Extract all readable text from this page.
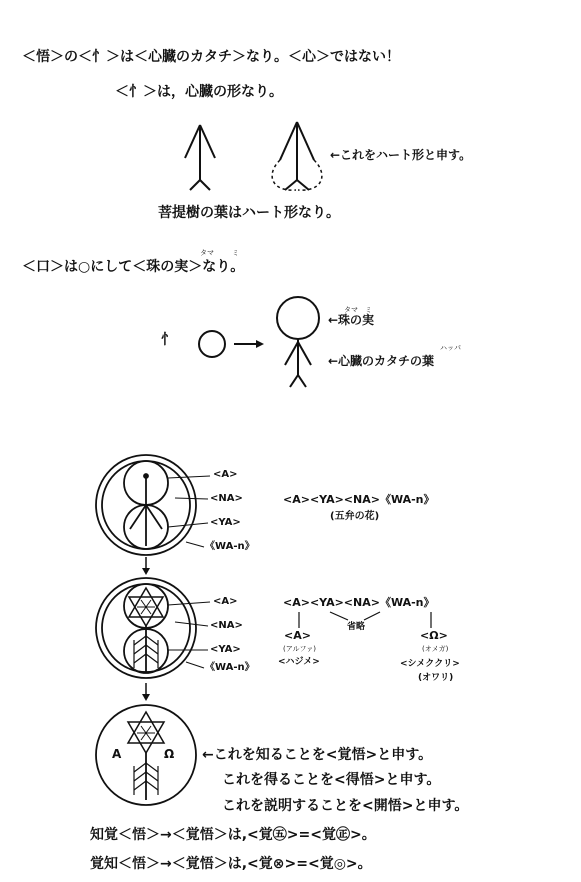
＜悟＞の＜忄＞は＜心臓のカタチ＞なり。＜心＞ではない！
＜忄＞は，心臓の形なり。
←これをハート形と申す。
菩提樹の葉はハート形なり。
タマ	ミ
＜口＞は○にして＜珠の実＞なり。
忄
タマ ミ
←珠の実
ハッパ
←心臓のカタチの葉
<A>
<NA>
<YA>
《WA-n》
<A><YA><NA>《WA-n》
(五弁の花)
<A>
<NA>
<YA>
《WA-n》
<A><YA><NA>《WA-n》
省略
<A>
(アルファ)
<ハジメ>
<Ω>
(オメガ)
<シメククリ>
(オワリ)
A	Ω ←これを知ることを<覚悟>と申す。
これを得ることを<得悟>と申す。
これを説明することを<開悟>と申す。
知覚＜悟＞→＜覚悟＞は,<覚㊄>=<覚㊣>。
覚知＜悟＞→＜覚悟＞は,<覚⊗>=<覚◎>。
